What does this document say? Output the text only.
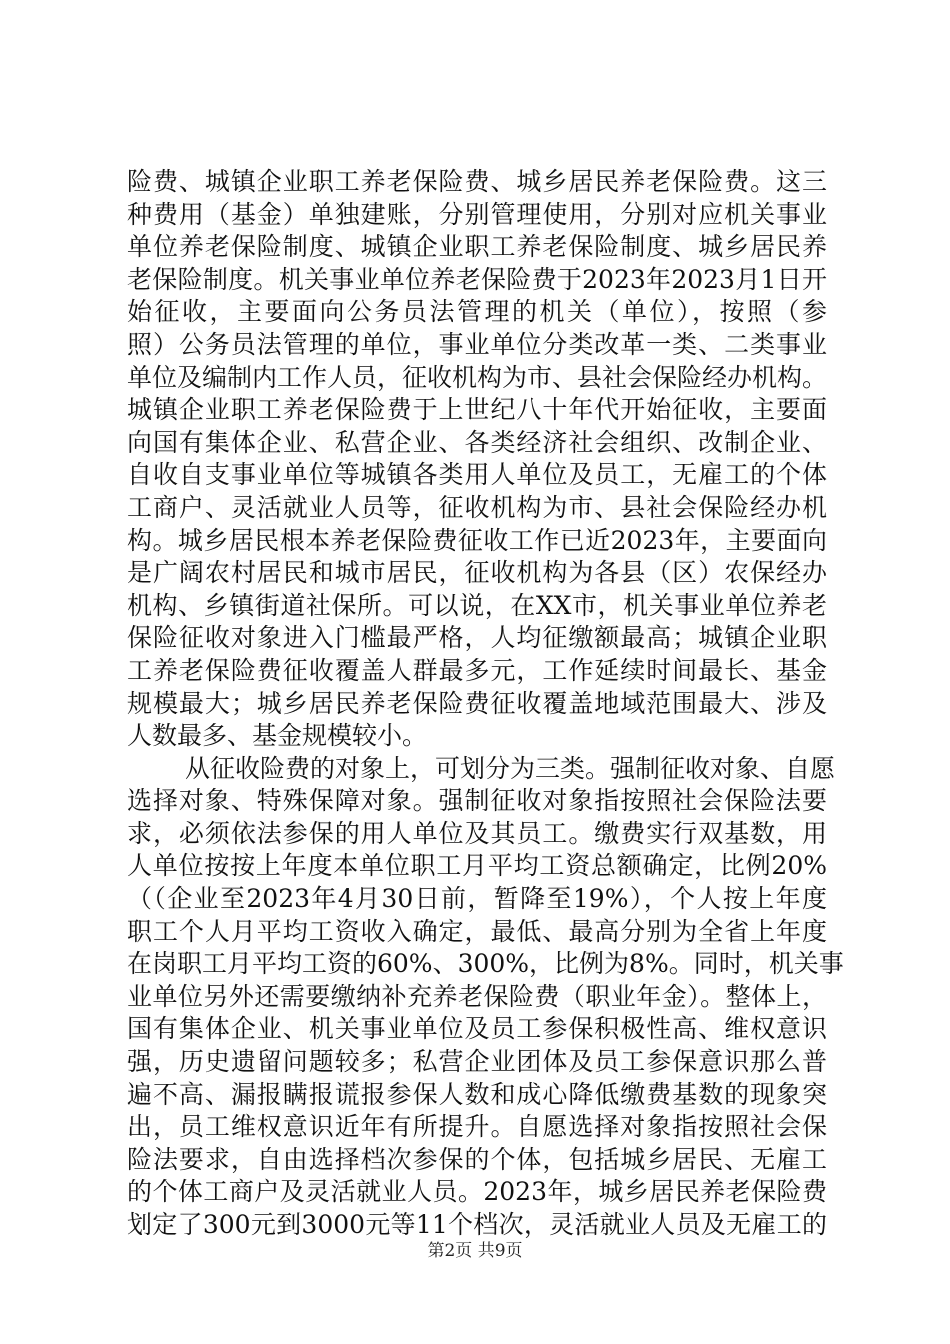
险费、城镇企业职工养老保险费、城乡居民养老保险费。这三
种费用（基金）单独建账，分别管理使用，分别对应机关事业
单位养老保险制度、城镇企业职工养老保险制度、城乡居民养
老保险制度。机关事业单位养老保险费于2023年2023月1日开
始征收，主要面向公务员法管理的机关（单位），按照（参
照）公务员法管理的单位，事业单位分类改革一类、二类事业
单位及编制内工作人员，征收机构为市、县社会保险经办机构。
城镇企业职工养老保险费于上世纪八十年代开始征收，主要面
向国有集体企业、私营企业、各类经济社会组织、改制企业、
自收自支事业单位等城镇各类用人单位及员工，无雇工的个体
工商户、灵活就业人员等，征收机构为市、县社会保险经办机
构。城乡居民根本养老保险费征收工作已近2023年，主要面向
是广阔农村居民和城市居民，征收机构为各县（区）农保经办
机构、乡镇街道社保所。可以说，在XX市，机关事业单位养老
保险征收对象进入门槛最严格，人均征缴额最高；城镇企业职
工养老保险费征收覆盖人群最多元，工作延续时间最长、基金
规模最大；城乡居民养老保险费征收覆盖地域范围最大、涉及
人数最多、基金规模较小。
从征收险费的对象上，可划分为三类。强制征收对象、自愿
选择对象、特殊保障对象。强制征收对象指按照社会保险法要
求，必须依法参保的用人单位及其员工。缴费实行双基数，用
人单位按按上年度本单位职工月平均工资总额确定，比例20%
（（企业至2023年4月30日前，暂降至19%），个人按上年度
职工个人月平均工资收入确定，最低、最高分别为全省上年度
在岗职工月平均工资的60%、300%，比例为8%。同时，机关事
业单位另外还需要缴纳补充养老保险费（职业年金）。整体上，
国有集体企业、机关事业单位及员工参保积极性高、维权意识
强，历史遗留问题较多；私营企业团体及员工参保意识那么普
遍不高、漏报瞒报谎报参保人数和成心降低缴费基数的现象突
出，员工维权意识近年有所提升。自愿选择对象指按照社会保
险法要求，自由选择档次参保的个体，包括城乡居民、无雇工
的个体工商户及灵活就业人员。2023年，城乡居民养老保险费
划定了300元到3000元等11个档次，灵活就业人员及无雇工的
第2页 共9页
